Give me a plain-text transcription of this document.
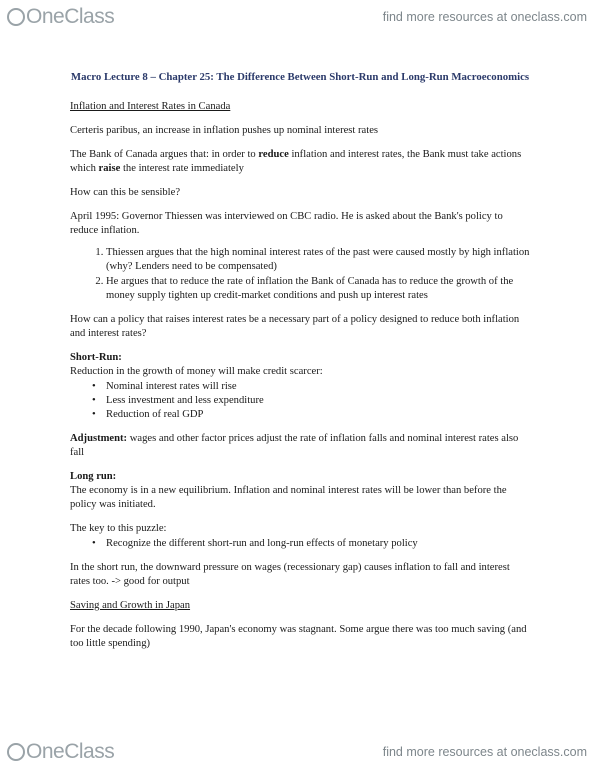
OneClass	find more resources at oneclass.com

Macro Lecture 8 – Chapter 25: The Difference Between Short-Run and Long-Run Macroeconomics

Inflation and Interest Rates in Canada

Certeris paribus, an increase in inflation pushes up nominal interest rates

The Bank of Canada argues that: in order to reduce inflation and interest rates, the Bank must take actions which raise the interest rate immediately

How can this be sensible?

April 1995: Governor Thiessen was interviewed on CBC radio. He is asked about the Bank's policy to reduce inflation.

1. Thiessen argues that the high nominal interest rates of the past were caused mostly by high inflation (why? Lenders need to be compensated)
2. He argues that to reduce the rate of inflation the Bank of Canada has to reduce the growth of the money supply tighten up credit-market conditions and push up interest rates

How can a policy that raises interest rates be a necessary part of a policy designed to reduce both inflation and interest rates?

Short-Run:

Reduction in the growth of money will make credit scarcer:

• Nominal interest rates will rise
• Less investment and less expenditure
• Reduction of real GDP

Adjustment: wages and other factor prices adjust the rate of inflation falls and nominal interest rates also fall

Long run:

The economy is in a new equilibrium. Inflation and nominal interest rates will be lower than before the policy was initiated.

The key to this puzzle:

• Recognize the different short-run and long-run effects of monetary policy

In the short run, the downward pressure on wages (recessionary gap) causes inflation to fall and interest rates too. -> good for output

Saving and Growth in Japan

For the decade following 1990, Japan's economy was stagnant. Some argue there was too much saving (and too little spending)

OneClass	find more resources at oneclass.com
